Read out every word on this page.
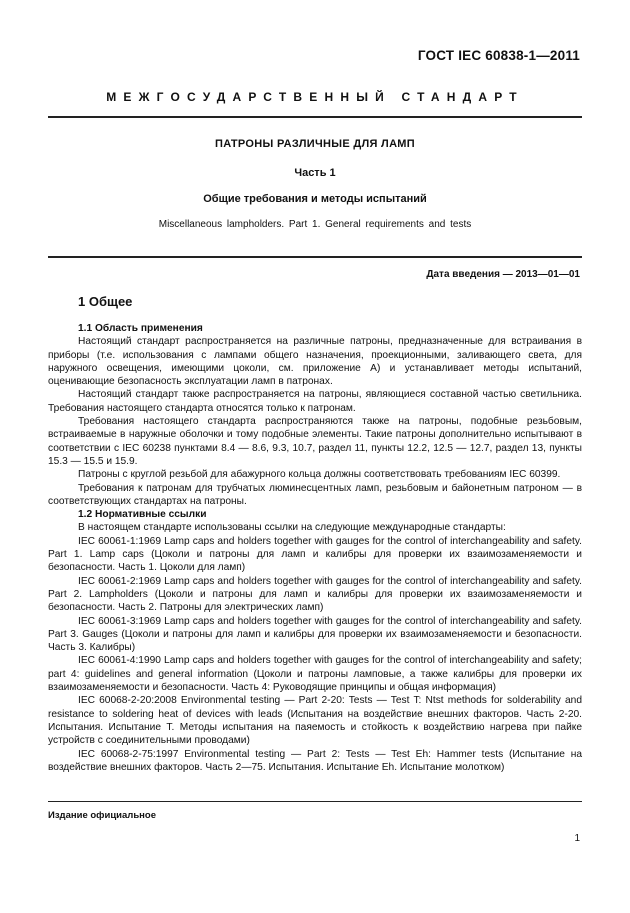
ГОСТ IEC 60838-1—2011
МЕЖГОСУДАРСТВЕННЫЙ СТАНДАРТ
ПАТРОНЫ РАЗЛИЧНЫЕ ДЛЯ ЛАМП
Часть 1
Общие требования и методы испытаний
Miscellaneous lampholders. Part 1. General requirements and tests
Дата введения — 2013—01—01
1 Общее
1.1 Область применения

Настоящий стандарт распространяется на различные патроны, предназначенные для встраивания в приборы (т.е. использования с лампами общего назначения, проекционными, заливающего света, для наружного освещения, имеющими цоколи, см. приложение А) и устанавливает методы испытаний, оценивающие безопасность эксплуатации ламп в патронах.

Настоящий стандарт также распространяется на патроны, являющиеся составной частью светильника. Требования настоящего стандарта относятся только к патронам.

Требования настоящего стандарта распространяются также на патроны, подобные резьбовым, встраиваемые в наружные оболочки и тому подобные элементы. Такие патроны дополнительно испытывают в соответствии с IEC 60238 пунктами 8.4 — 8.6, 9.3, 10.7, раздел 11, пункты 12.2, 12.5 — 12.7, раздел 13, пункты 15.3 — 15.5 и 15.9.

Патроны с круглой резьбой для абажурного кольца должны соответствовать требованиям IEC 60399.

Требования к патронам для трубчатых люминесцентных ламп, резьбовым и байонетным патроном — в соответствующих стандартах на патроны.

1.2 Нормативные ссылки

В настоящем стандарте использованы ссылки на следующие международные стандарты:

IEC 60061-1:1969 Lamp caps and holders together with gauges for the control of interchangeability and safety. Part 1. Lamp caps (Цоколи и патроны для ламп и калибры для проверки их взаимозаменяемости и безопасности. Часть 1. Цоколи для ламп)

IEC 60061-2:1969 Lamp caps and holders together with gauges for the control of interchangeability and safety. Part 2. Lampholders (Цоколи и патроны для ламп и калибры для проверки их взаимозаменяемости и безопасности. Часть 2. Патроны для электрических ламп)

IEC 60061-3:1969 Lamp caps and holders together with gauges for the control of interchangeability and safety. Part 3. Gauges (Цоколи и патроны для ламп и калибры для проверки их взаимозаменяемости и безопасности. Часть 3. Калибры)

IEC 60061-4:1990 Lamp caps and holders together with gauges for the control of interchangeability and safety; part 4: guidelines and general information (Цоколи и патроны ламповые, а также калибры для проверки их взаимозаменяемости и безопасности. Часть 4: Руководящие принципы и общая информация)

IEC 60068-2-20:2008 Environmental testing — Part 2-20: Tests — Test T: Ntst methods for solderability and resistance to soldering heat of devices with leads (Испытания на воздействие внешних факторов. Часть 2-20. Испытания. Испытание Т. Методы испытания на паяемость и стойкость к воздействию нагрева при пайке устройств с соединительными проводами)

IEC 60068-2-75:1997 Environmental testing — Part 2: Tests — Test Eh: Hammer tests (Испытание на воздействие внешних факторов. Часть 2—75. Испытания. Испытание Eh. Испытание молотком)

Издание официальное
1
